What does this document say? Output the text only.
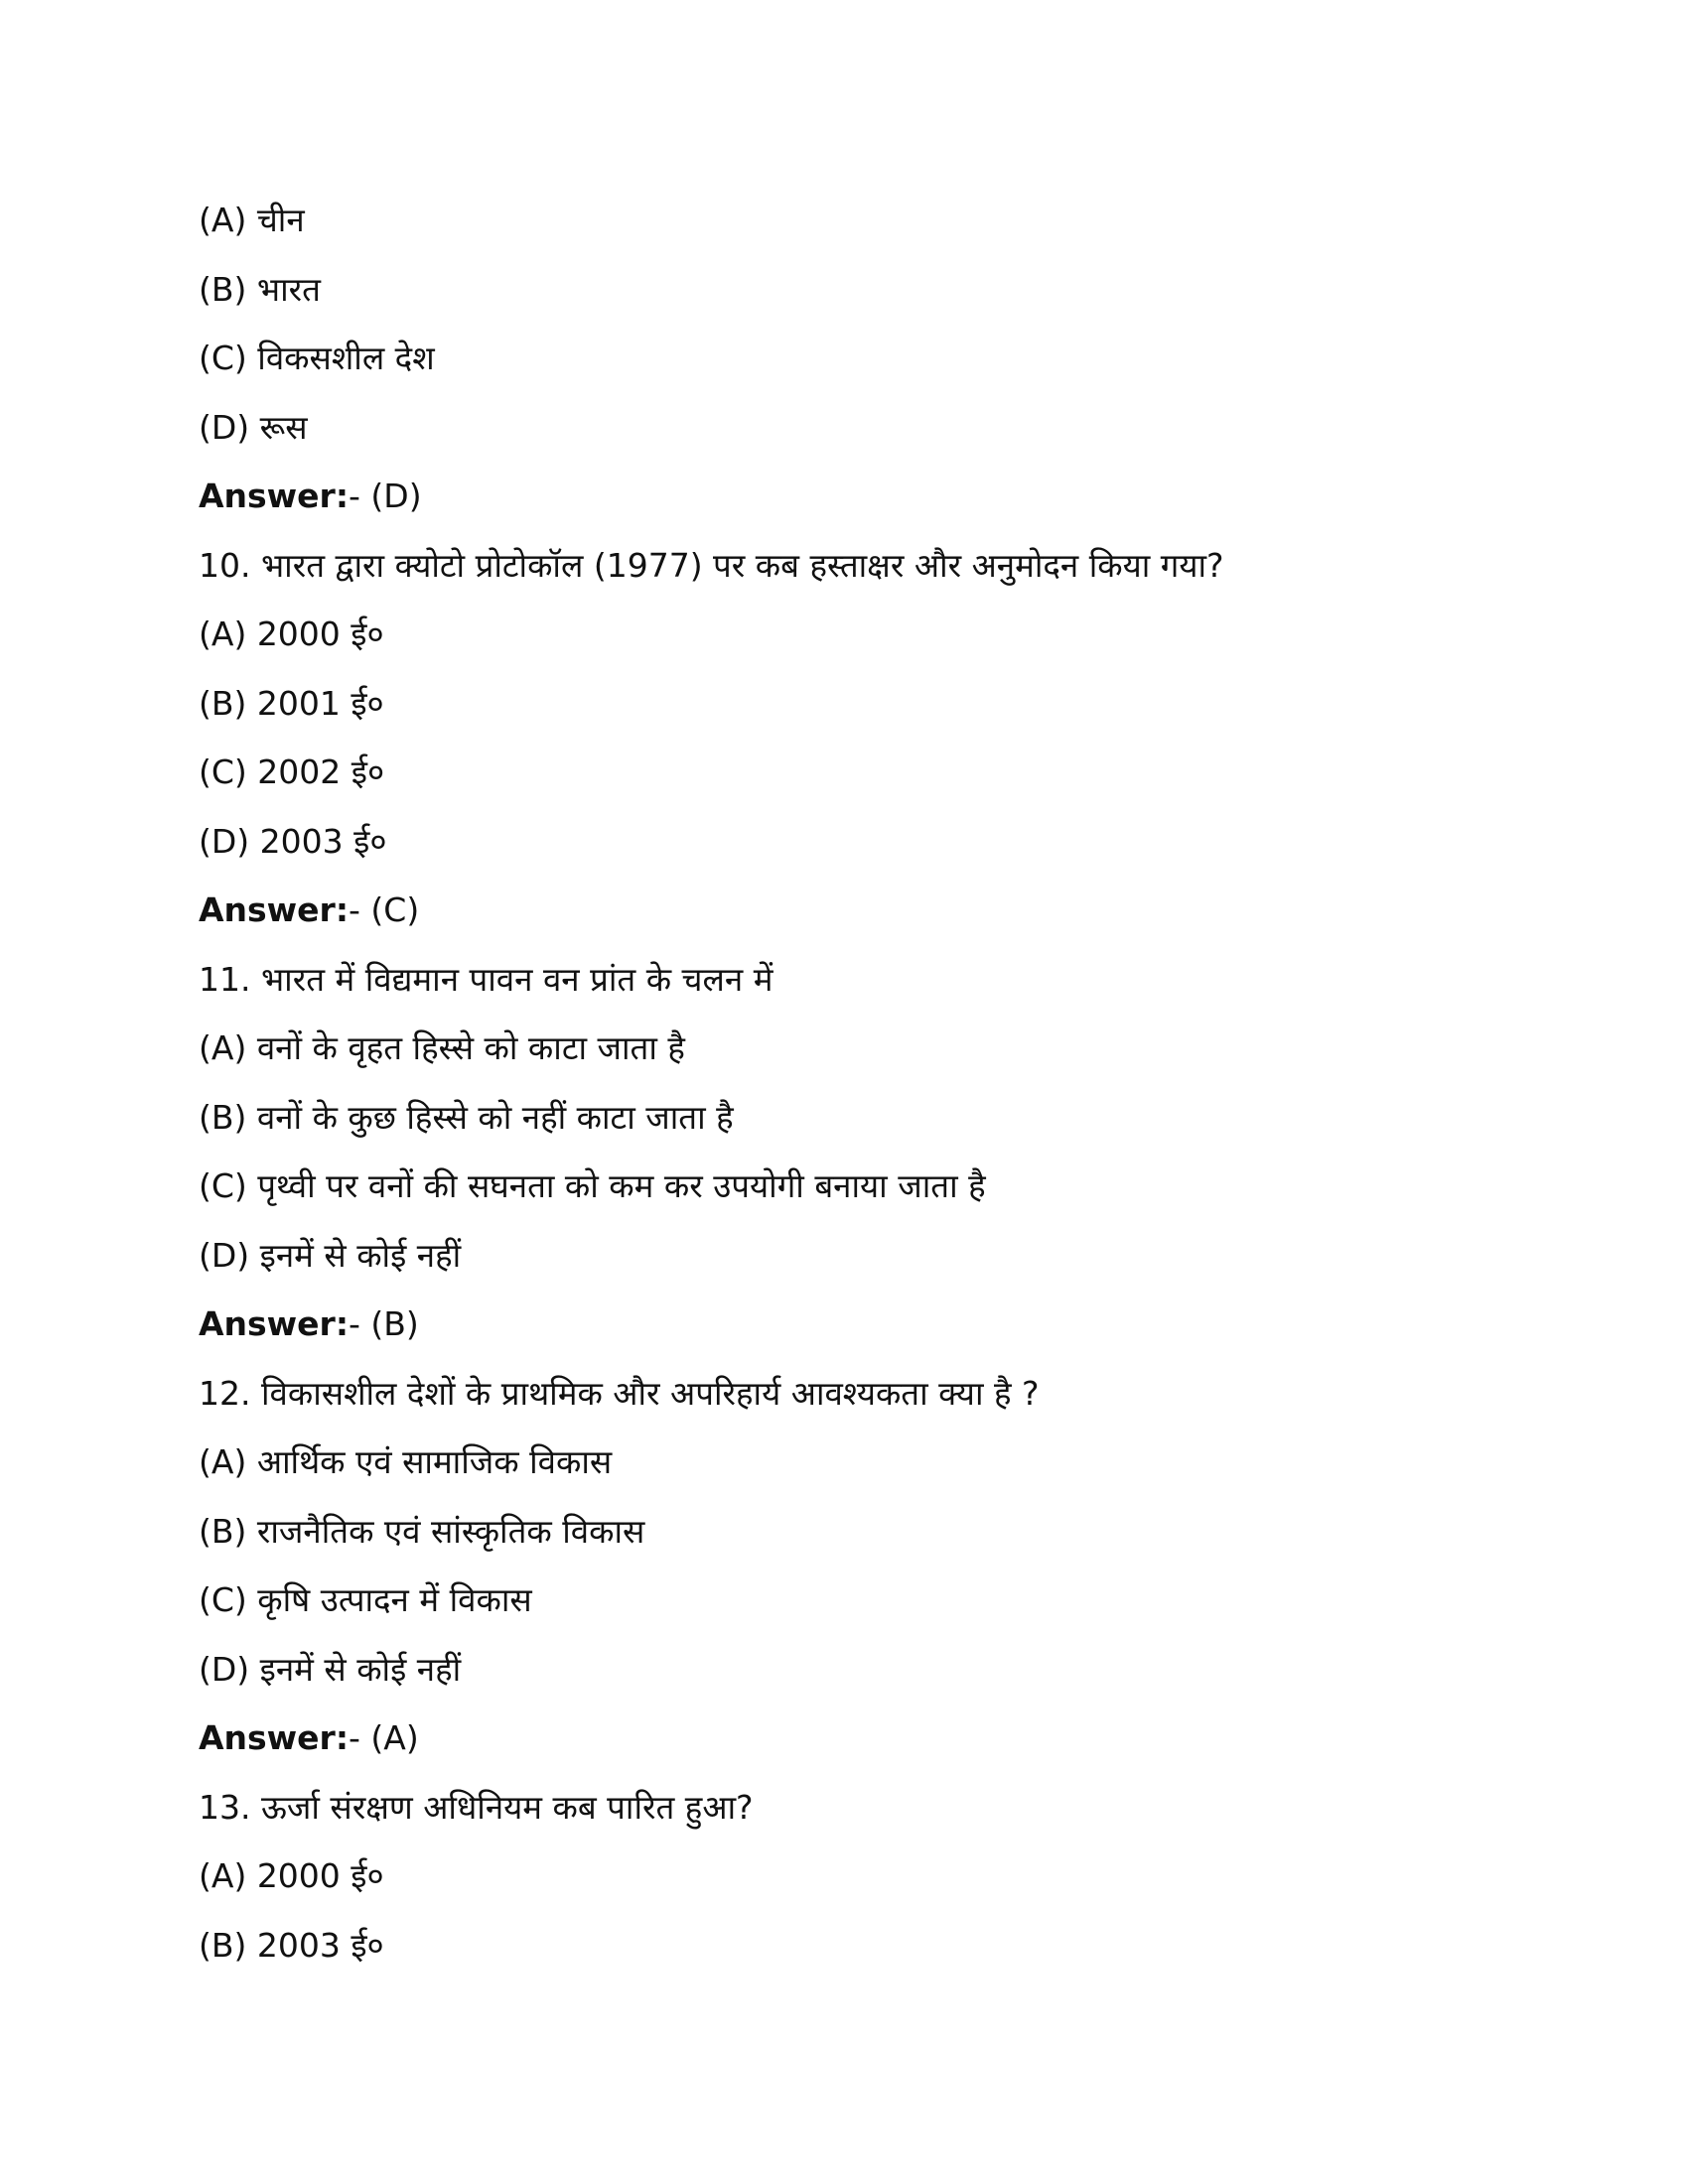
(A) चीन
(B) भारत
(C) विकसशील देश
(D) रूस
Answer:- (D)
10. भारत द्वारा क्योटो प्रोटोकॉल (1977) पर कब हस्ताक्षर और अनुमोदन किया गया?
(A) 2000 ई०
(B) 2001 ई०
(C) 2002 ई०
(D) 2003 ई०
Answer:- (C)
11. भारत में विद्यमान पावन वन प्रांत के चलन में
(A) वनों के वृहत हिस्से को काटा जाता है
(B) वनों के कुछ हिस्से को नहीं काटा जाता है
(C) पृथ्वी पर वनों की सघनता को कम कर उपयोगी बनाया जाता है
(D) इनमें से कोई नहीं
Answer:- (B)
12. विकासशील देशों के प्राथमिक और अपरिहार्य आवश्यकता क्या है ?
(A) आर्थिक एवं सामाजिक विकास
(B) राजनैतिक एवं सांस्कृतिक विकास
(C) कृषि उत्पादन में विकास
(D) इनमें से कोई नहीं
Answer:- (A)
13. ऊर्जा संरक्षण अधिनियम कब पारित हुआ?
(A) 2000 ई०
(B) 2003 ई०
